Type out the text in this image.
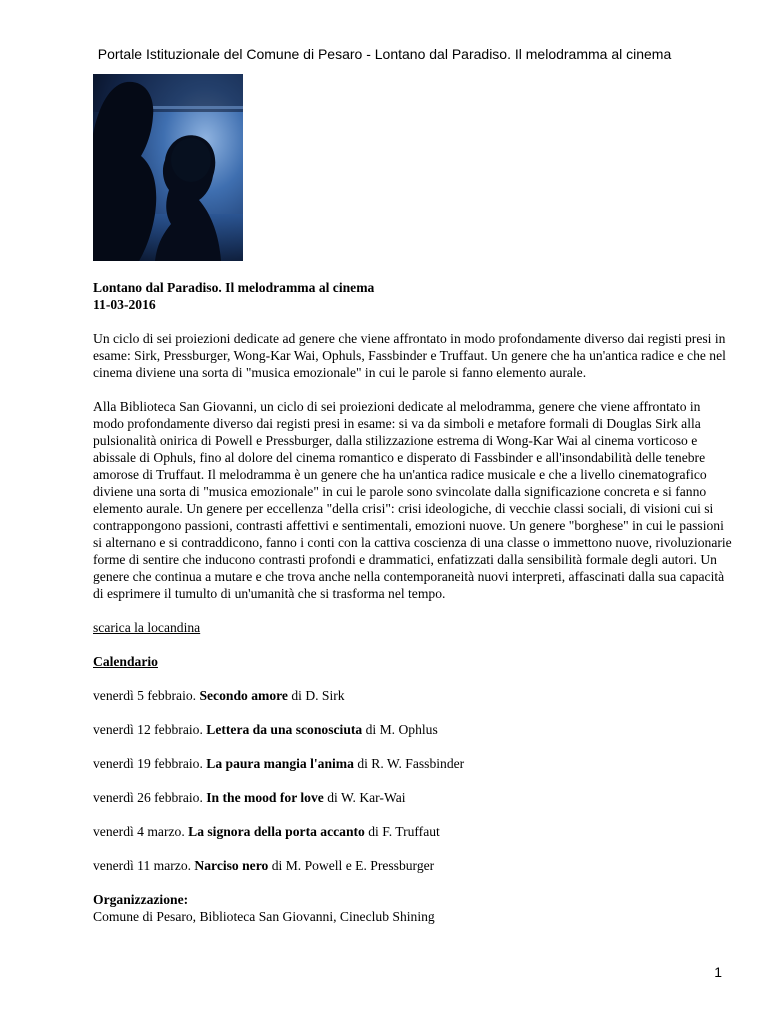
Portale Istituzionale del Comune di Pesaro - Lontano dal Paradiso. Il melodramma al cinema
Lontano dal Paradiso. Il melodramma al cinema
11-03-2016

Un ciclo di sei proiezioni dedicate ad genere che viene affrontato in modo profondamente diverso dai registi presi in esame: Sirk, Pressburger, Wong-Kar Wai, Ophuls, Fassbinder e Truffaut. Un genere che ha un'antica radice e che nel cinema diviene una sorta di "musica emozionale" in cui le parole si fanno elemento aurale.

Alla Biblioteca San Giovanni, un ciclo di sei proiezioni dedicate al melodramma, genere che viene affrontato in modo profondamente diverso dai registi presi in esame: si va da simboli e metafore formali di Douglas Sirk alla pulsionalità onirica di Powell e Pressburger, dalla stilizzazione estrema di Wong-Kar Wai al cinema vorticoso e abissale di Ophuls, fino al dolore del cinema romantico e disperato di Fassbinder e all'insondabilità delle tenebre amorose di Truffaut. Il melodramma è un genere che ha un'antica radice musicale e che a livello cinematografico diviene una sorta di "musica emozionale" in cui le parole sono svincolate dalla significazione concreta e si fanno elemento aurale. Un genere per eccellenza "della crisi": crisi ideologiche, di vecchie classi sociali, di visioni cui si contrappongono passioni, contrasti affettivi e sentimentali, emozioni nuove. Un genere "borghese" in cui le passioni si alternano e si contraddicono, fanno i conti con la cattiva coscienza di una classe o immettono nuove, rivoluzionarie forme di sentire che inducono contrasti profondi e drammatici, enfatizzati dalla sensibilità formale degli autori. Un genere che continua a mutare e che trova anche nella contemporaneità nuovi interpreti, affascinati dalla sua capacità di esprimere il tumulto di un'umanità che si trasforma nel tempo.

scarica la locandina

Calendario
venerdì 5 febbraio. Secondo amore di D. Sirk
venerdì 12 febbraio. Lettera da una sconosciuta di M. Ophlus
venerdì 19 febbraio. La paura mangia l'anima di R. W. Fassbinder
venerdì 26 febbraio. In the mood for love di W. Kar-Wai
venerdì 4 marzo. La signora della porta accanto di F. Truffaut
venerdì 11 marzo. Narciso nero di M. Powell e E. Pressburger
Organizzazione:
Comune di Pesaro, Biblioteca San Giovanni, Cineclub Shining
1
